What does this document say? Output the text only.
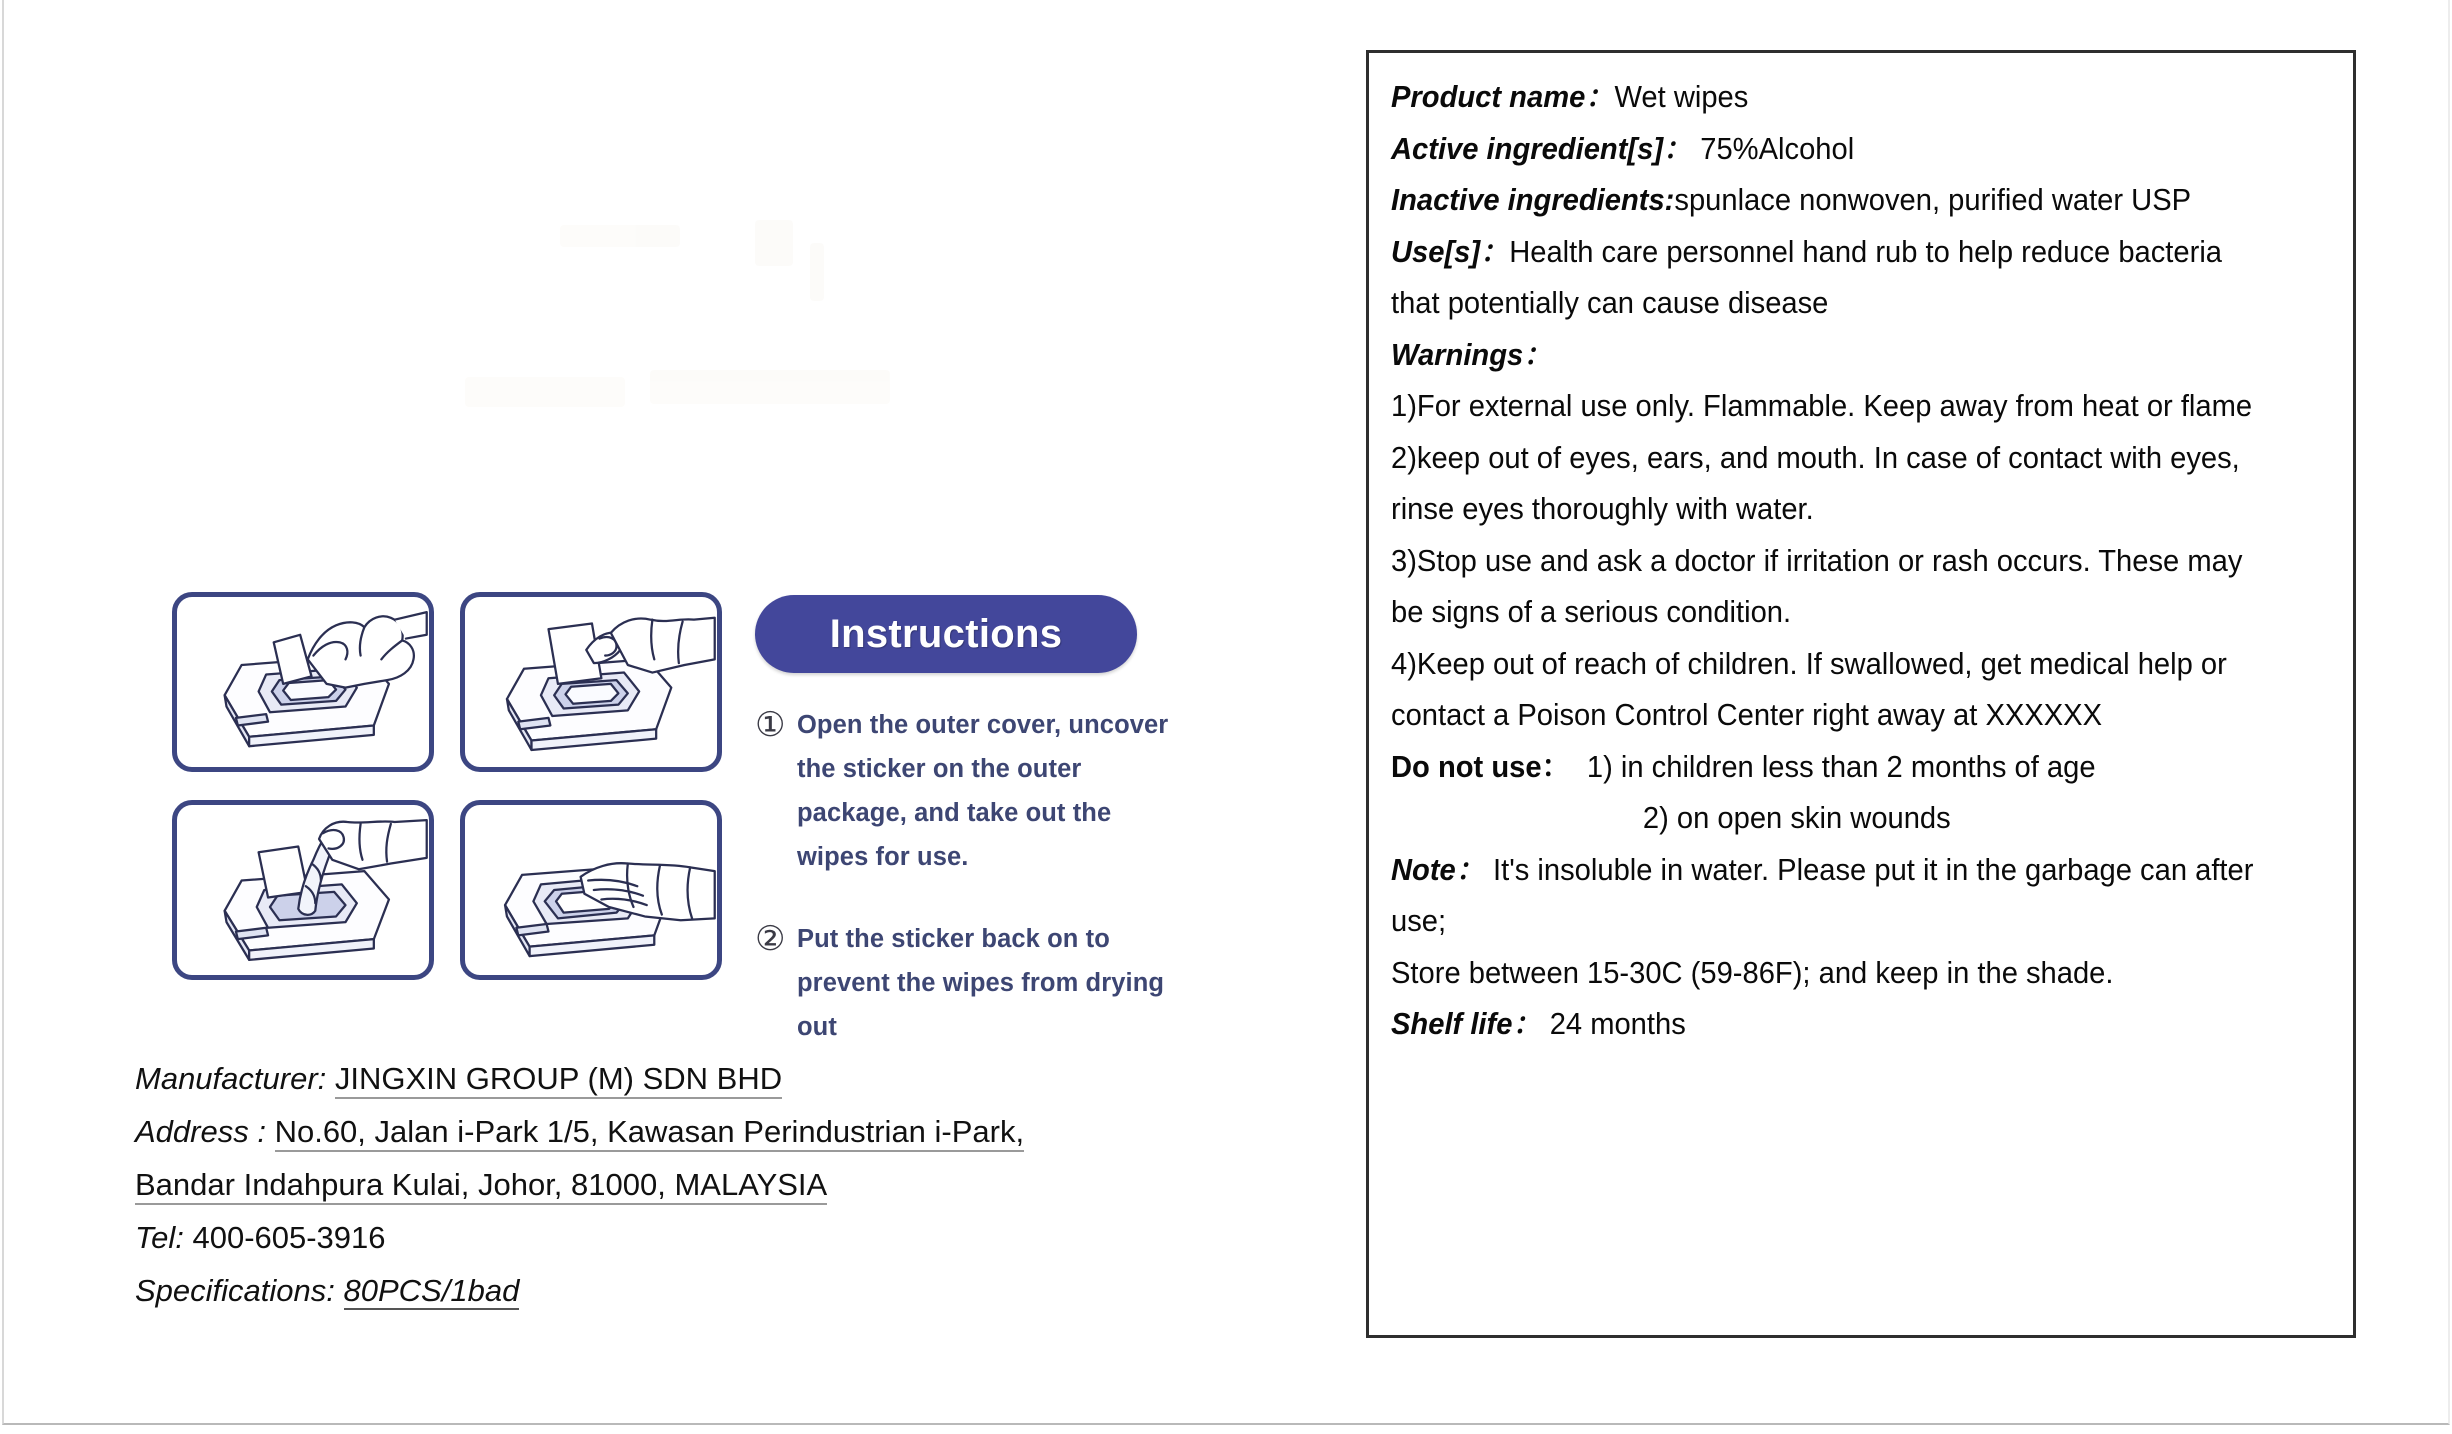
Instructions
① Open the outer cover, uncover the sticker on the outer package, and take out the wipes for use.
② Put the sticker back on to prevent the wipes from drying out
Manufacturer: JINGXIN GROUP (M) SDN BHD
Address : No.60, Jalan i-Park 1/5, Kawasan Perindustrian i-Park,
Bandar Indahpura Kulai, Johor, 81000, MALAYSIA
Tel: 400-605-3916
Specifications: 80PCS/1bad
Product name：Wet wipes
Active ingredient[s]： 75%Alcohol
Inactive ingredients:spunlace nonwoven, purified water USP
Use[s]：Health care personnel hand rub to help reduce bacteria that potentially can cause disease
Warnings：
1)For external use only. Flammable. Keep away from heat or flame
2)keep out of eyes, ears, and mouth. In case of contact with eyes, rinse eyes thoroughly with water.
3)Stop use and ask a doctor if irritation or rash occurs. These may be signs of a serious condition.
4)Keep out of reach of children. If swallowed, get medical help or contact a Poison Control Center right away at XXXXXX
Do not use： 1) in children less than 2 months of age
2) on open skin wounds
Note： It's insoluble in water. Please put it in the garbage can after use;
Store between 15-30C (59-86F); and keep in the shade.
Shelf life： 24 months
